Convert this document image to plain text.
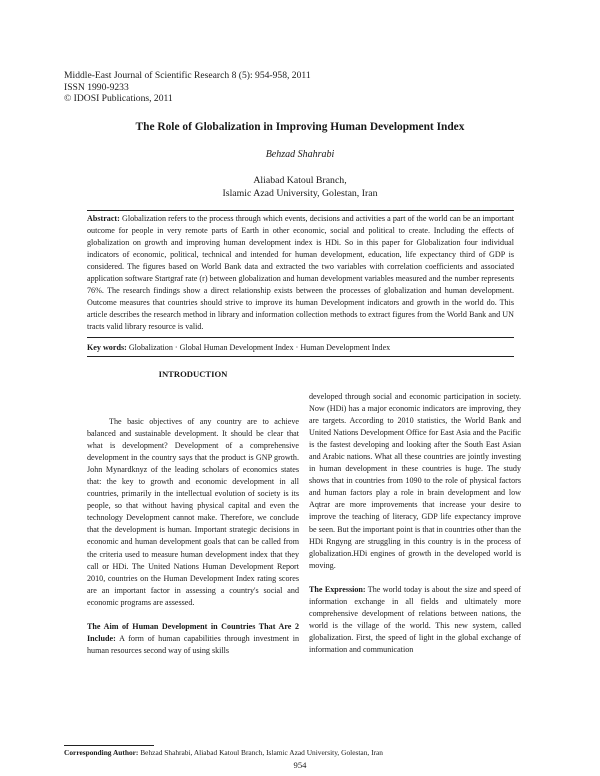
Middle-East Journal of Scientific Research 8 (5): 954-958, 2011
ISSN 1990-9233
© IDOSI Publications, 2011
The Role of Globalization in Improving Human Development Index
Behzad Shahrabi
Aliabad Katoul Branch,
Islamic Azad University, Golestan, Iran
Abstract: Globalization refers to the process through which events, decisions and activities a part of the world can be an important outcome for people in very remote parts of Earth in other economic, social and political to create. Including the effects of globalization on growth and improving human development index is HDi. So in this paper for Globalization four individual indicators of economic, political, technical and intended for human development, education, life expectancy third of GDP is considered. The figures based on World Bank data and extracted the two variables with correlation coefficients and associated application software Startgraf rate (r) between globalization and human development variables measured and the number represents 76%. The research findings show a direct relationship exists between the processes of globalization and human development. Outcome measures that countries should strive to improve its human Development indicators and growth in the world do. This article describes the research method in library and information collection methods to extract figures from the World Bank and UN tracts valid library resource is valid.
Key words: Globalization · Global Human Development Index · Human Development Index
INTRODUCTION

The basic objectives of any country are to achieve balanced and sustainable development. It should be clear that what is development? Development of a comprehensive development in the country says that the product is GNP growth. John Mynardknyz of the leading scholars of economics states that: the key to growth and economic development in all countries, primarily in the intellectual evolution of society is its people, so that without having physical capital and even the technology Development cannot make. Therefore, we conclude that the development is human. Important strategic decisions in economic and human development goals that can be called from the criteria used to measure human development index that they call or HDi. The United Nations Human Development Report 2010, countries on the Human Development Index rating scores are an important factor in assessing a country's social and economic programs are assessed.

The Aim of Human Development in Countries That Are 2 Include: A form of human capabilities through investment in human resources second way of using skills

developed through social and economic participation in society. Now (HDi) has a major economic indicators are improving, they are targets. According to 2010 statistics, the World Bank and United Nations Development Office for East Asia and the Pacific is the fastest developing and looking after the South East Asian and Arabic nations. What all these countries are jointly investing in human development in these countries is huge. The study shows that in countries from 1090 to the role of physical factors and human factors play a role in brain development and low Aqtrar are more improvements that increase your desire to improve the teaching of literacy, GDP life expectancy improve be seen. But the important point is that in countries other than the HDi Rngyng are struggling in this country is in the process of globalization.HDi engines of growth in the developed world is moving.

The Expression: The world today is about the size and speed of information exchange in all fields and ultimately more comprehensive development of relations between nations, the world is the village of the world. This new system, called globalization. First, the speed of light in the global exchange of information and communication

Corresponding Author: Behzad Shahrabi, Aliabad Katoul Branch, Islamic Azad University, Golestan, Iran
954
